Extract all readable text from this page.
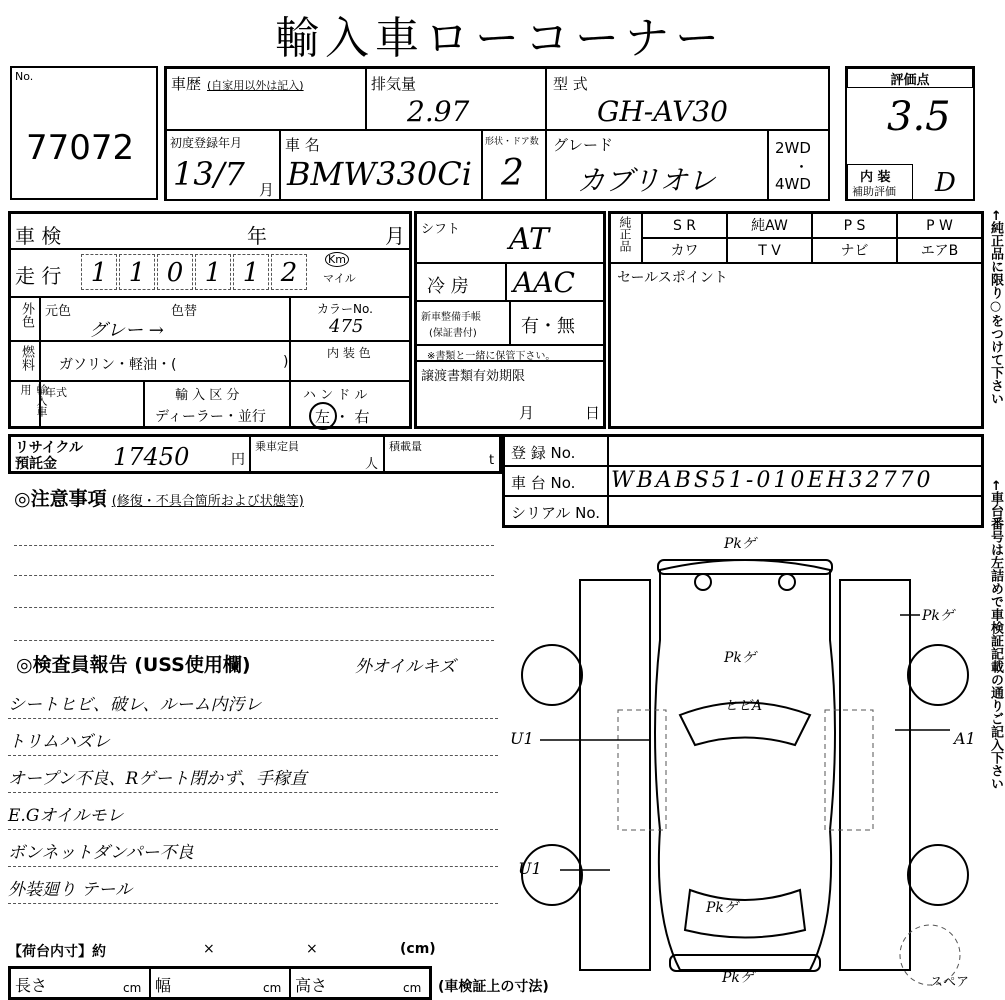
輸入車ローコーナー
No.
77072
車歴 (自家用以外は記入)	排気量
2.97
型 式
GH-AV30
初度登録年月
13/7 月
車 名
BMW330Ci
形状・ドア数
2
グレード
カブリオレ
2WD
・
4WD
評価点
3.5
内 装
補助評価 D
車 検	年	月
走 行	1 1 0 1 1 2	Km
マイル
外色 元色	色替
グレー →
カラーNo.
475
燃料 ガソリン・軽油・(	)
内 装 色
輸入車用	年式	輸 入 区 分
ディーラー・並行
ハ ン ド ル
左 ・ 右
シフト AT
冷 房 AAC
新車整備手帳
(保証書付) 有・無
※書類と一緒に保管下さい。
譲渡書類有効期限
月	日
純正品	S R	純AW	P S	P W
カワ	T V	ナビ	エアB
セールスポイント	←純正品に限り○をつけて下さい
リサイクル
預託金 17450	円
乗車定員
人
積載量
t 登 録 No.
車 台 No. WBABS51-010EH32770
シリアル No.	←車台番号は左詰めで車検証記載の通りご記入下さい
◎注意事項 (修復・不具合箇所および状態等)
◎検査員報告 (USS使用欄)	外オイルキズ
シートヒビ、破レ、ルーム内汚レ
トリムハズレ
オープン不良、Rゲート閉かず、手稼直
E.Gオイルモレ
ボンネットダンパー不良
外装廻り テール
【荷台内寸】約	×	×	(cm)
長さ	cm 幅	cm 高さ	cm (車検証上の寸法)
Pkゲ
Pkゲ
Pkゲ
ヒビA
U1	A1
U1
Pkゲ
Pkゲ	スペア
